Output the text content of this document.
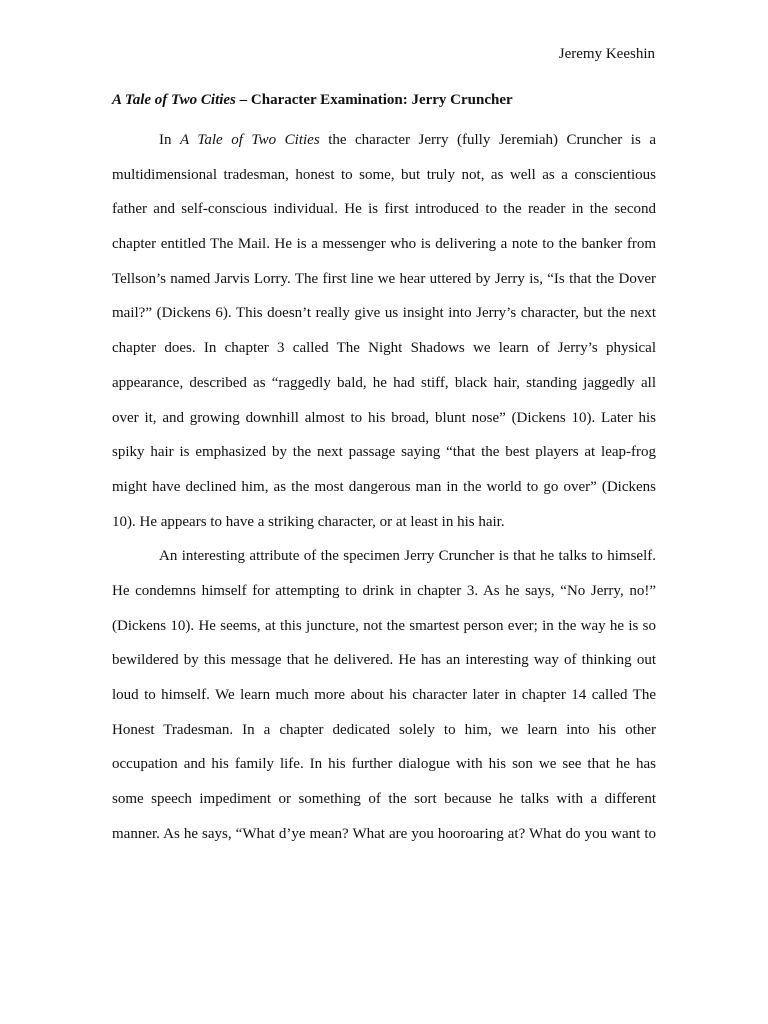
Jeremy Keeshin
A Tale of Two Cities – Character Examination: Jerry Cruncher

In A Tale of Two Cities the character Jerry (fully Jeremiah) Cruncher is a
multidimensional tradesman, honest to some, but truly not, as well as a conscientious
father and self-conscious individual. He is first introduced to the reader in the second
chapter entitled The Mail. He is a messenger who is delivering a note to the banker from
Tellson’s named Jarvis Lorry. The first line we hear uttered by Jerry is, “Is that the Dover
mail?” (Dickens 6). This doesn’t really give us insight into Jerry’s character, but the next
chapter does. In chapter 3 called The Night Shadows we learn of Jerry’s physical
appearance, described as “raggedly bald, he had stiff, black hair, standing jaggedly all
over it, and growing downhill almost to his broad, blunt nose” (Dickens 10). Later his
spiky hair is emphasized by the next passage saying “that the best players at leap-frog
might have declined him, as the most dangerous man in the world to go over” (Dickens
10). He appears to have a striking character, or at least in his hair.

An interesting attribute of the specimen Jerry Cruncher is that he talks to himself.
He condemns himself for attempting to drink in chapter 3. As he says, “No Jerry, no!”
(Dickens 10). He seems, at this juncture, not the smartest person ever; in the way he is so
bewildered by this message that he delivered. He has an interesting way of thinking out
loud to himself. We learn much more about his character later in chapter 14 called The
Honest Tradesman. In a chapter dedicated solely to him, we learn into his other
occupation and his family life. In his further dialogue with his son we see that he has
some speech impediment or something of the sort because he talks with a different
manner. As he says, “What d’ye mean? What are you hooroaring at? What do you want to
